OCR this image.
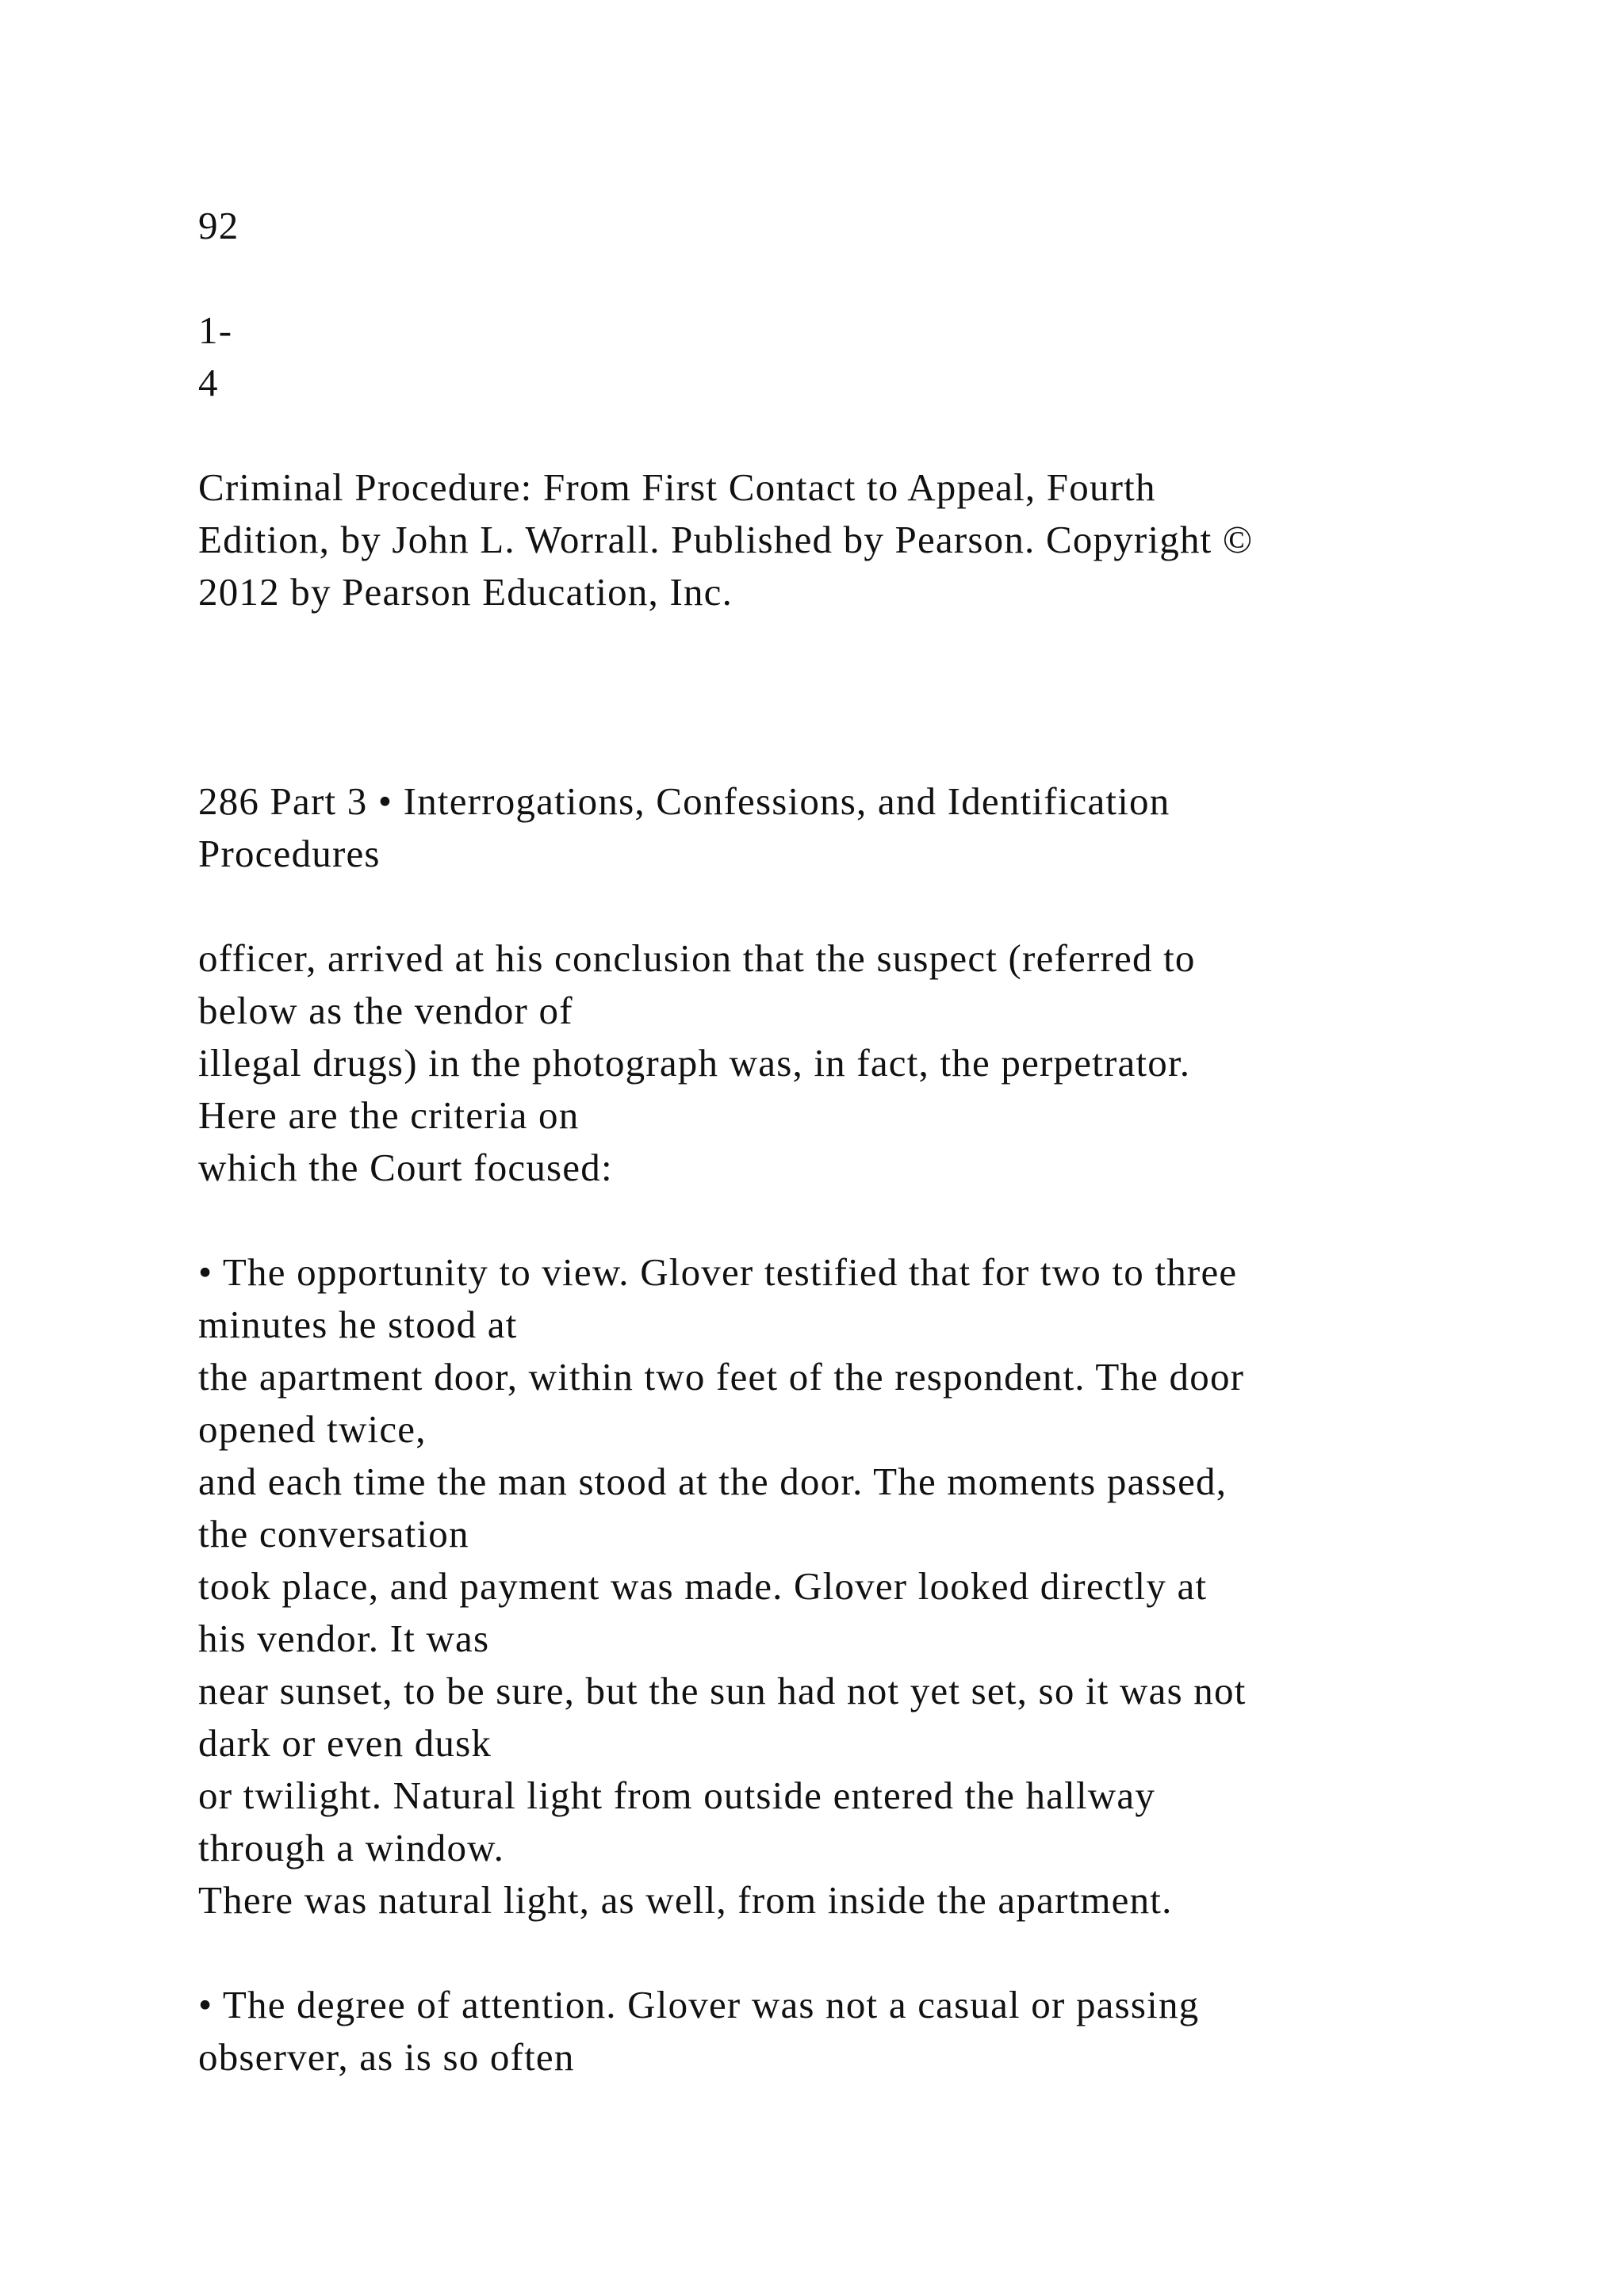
92
1-
4
Criminal Procedure: From First Contact to Appeal, Fourth
Edition, by John L. Worrall. Published by Pearson. Copyright ©
2012 by Pearson Education, Inc.
286 Part 3 • Interrogations, Confessions, and Identification
Procedures
officer, arrived at his conclusion that the suspect (referred to
below as the vendor of
illegal drugs) in the photograph was, in fact, the perpetrator.
Here are the criteria on
which the Court focused:
• The opportunity to view. Glover testified that for two to three
minutes he stood at
the apartment door, within two feet of the respondent. The door
opened twice,
and each time the man stood at the door. The moments passed,
the conversation
took place, and payment was made. Glover looked directly at
his vendor. It was
near sunset, to be sure, but the sun had not yet set, so it was not
dark or even dusk
or twilight. Natural light from outside entered the hallway
through a window.
There was natural light, as well, from inside the apartment.
• The degree of attention. Glover was not a casual or passing
observer, as is so often
